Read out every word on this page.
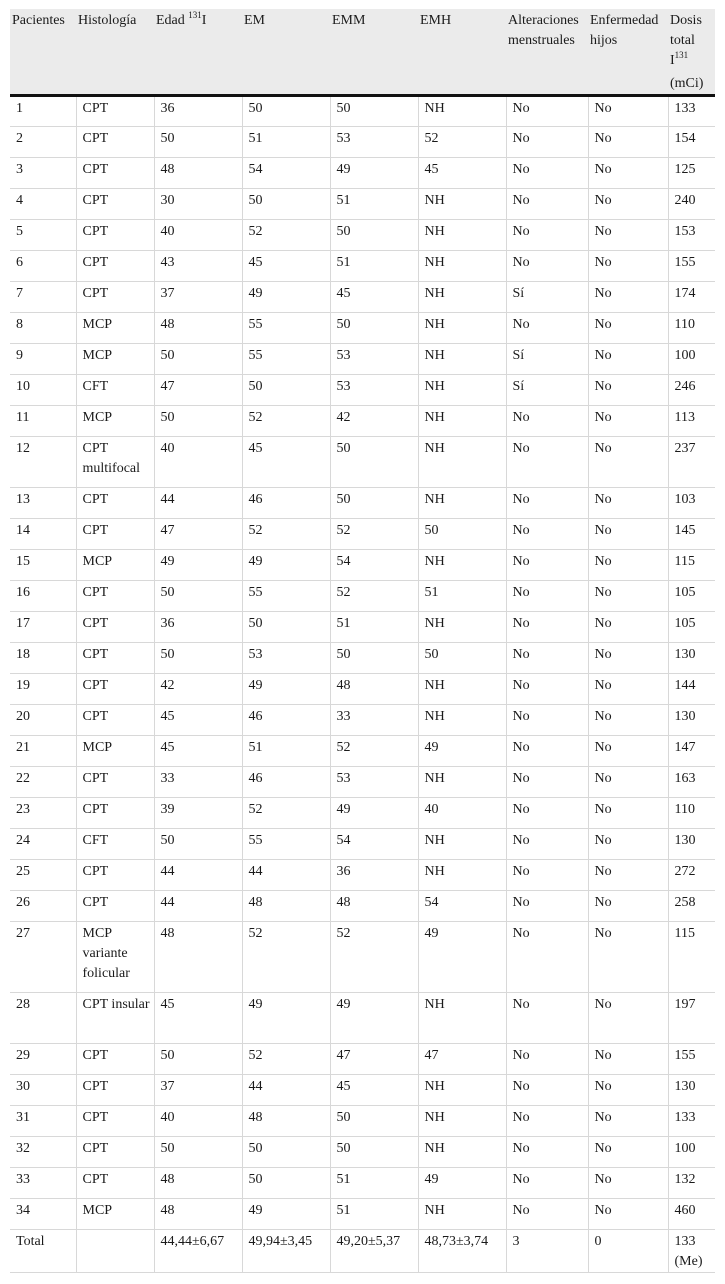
Pacientes	Histología	Edad $^{131}$I	EM	EMM	EMH	Alteraciones menstruales	Enfermedad hijos	Dosis total $I^{131}$
(mCi)

1	CPT	36	50	50	NH	No	No	133
2	CPT	50	51	53	52	No	No	154
3	CPT	48	54	49	45	No	No	125
4	CPT	30	50	51	NH	No	No	240
5	CPT	40	52	50	NH	No	No	153
6	CPT	43	45	51	NH	No	No	155
7	CPT	37	49	45	NH	Sí	No	174
8	MCP	48	55	50	NH	No	No	110
9	MCP	50	55	53	NH	Sí	No	100
10	CFT	47	50	53	NH	Sí	No	246
11	MCP	50	52	42	NH	No	No	113
12	CPT multifocal	40	45	50	NH	No	No	237
13	CPT	44	46	50	NH	No	No	103
14	CPT	47	52	52	50	No	No	145
15	MCP	49	49	54	NH	No	No	115
16	CPT	50	55	52	51	No	No	105
17	CPT	36	50	51	NH	No	No	105
18	CPT	50	53	50	50	No	No	130
19	CPT	42	49	48	NH	No	No	144
20	CPT	45	46	33	NH	No	No	130
21	MCP	45	51	52	49	No	No	147
22	CPT	33	46	53	NH	No	No	163
23	CPT	39	52	49	40	No	No	110
24	CFT	50	55	54	NH	No	No	130
25	CPT	44	44	36	NH	No	No	272
26	CPT	44	48	48	54	No	No	258
27	MCP variante folicular	48	52	52	49	No	No	115
28	CPT insular	45	49	49	NH	No	No	197
29	CPT	50	52	47	47	No	No	155
30	CPT	37	44	45	NH	No	No	130
31	CPT	40	48	50	NH	No	No	133
32	CPT	50	50	50	NH	No	No	100
33	CPT	48	50	51	49	No	No	132
34	MCP	48	49	51	NH	No	No	460
Total		44,44±6,67	49,94±3,45	49,20±5,37	48,73±3,74	3	0	133 (Me)
